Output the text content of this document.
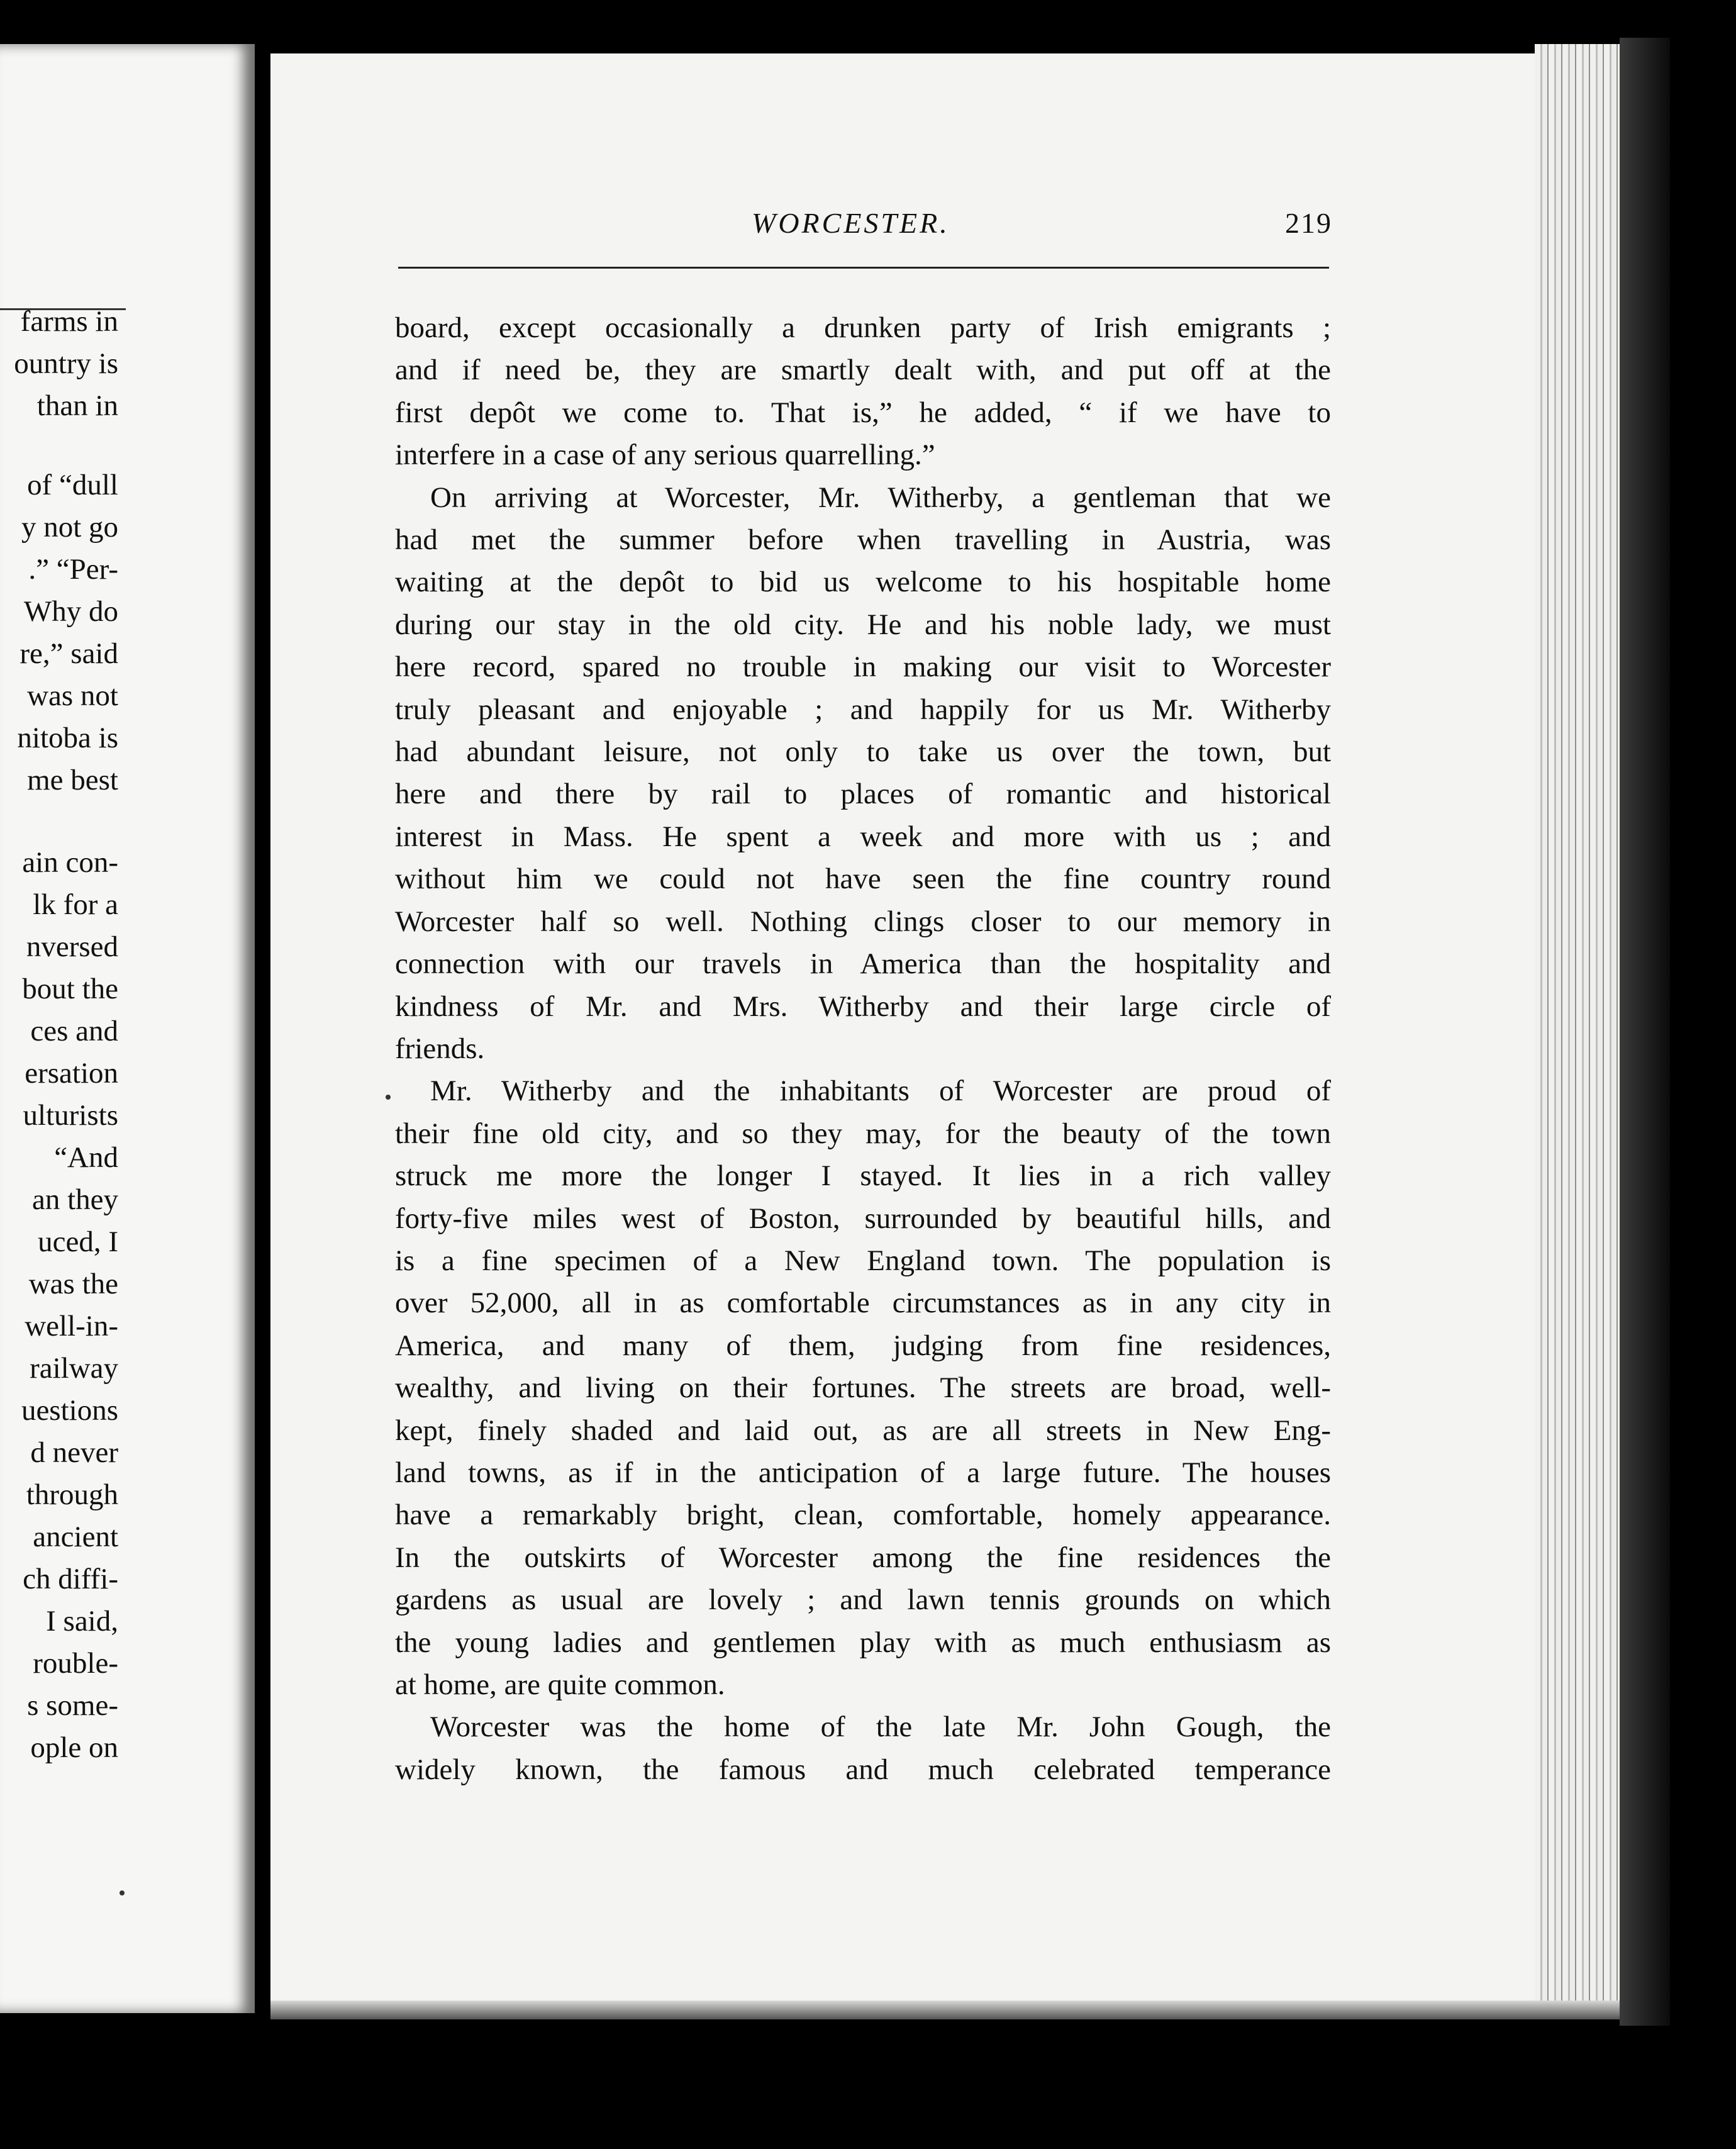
farms in
ountry is
than in
of “dull
y not go
.” “Per-
Why do
re,” said
was not
nitoba is
me best
ain con-
lk for a
nversed
bout the
ces and
ersation
ulturists
“And
an they
uced, I
was the
well-in-
railway
uestions
d never
through
ancient
ch diffi-
I said,
rouble-
s some-
ople on
WORCESTER.	219
board, except occasionally a drunken party of Irish emigrants ;
and if need be, they are smartly dealt with, and put off at the
first depôt we come to. That is,” he added, “ if we have to
interfere in a case of any serious quarrelling.”
On arriving at Worcester, Mr. Witherby, a gentleman that we
had met the summer before when travelling in Austria, was
waiting at the depôt to bid us welcome to his hospitable home
during our stay in the old city. He and his noble lady, we must
here record, spared no trouble in making our visit to Worcester
truly pleasant and enjoyable ; and happily for us Mr. Witherby
had abundant leisure, not only to take us over the town, but
here and there by rail to places of romantic and historical
interest in Mass. He spent a week and more with us ; and
without him we could not have seen the fine country round
Worcester half so well. Nothing clings closer to our memory in
connection with our travels in America than the hospitality and
kindness of Mr. and Mrs. Witherby and their large circle of
friends.
Mr. Witherby and the inhabitants of Worcester are proud of
their fine old city, and so they may, for the beauty of the town
struck me more the longer I stayed. It lies in a rich valley
forty-five miles west of Boston, surrounded by beautiful hills, and
is a fine specimen of a New England town. The population is
over 52,000, all in as comfortable circumstances as in any city in
America, and many of them, judging from fine residences,
wealthy, and living on their fortunes. The streets are broad, well-
kept, finely shaded and laid out, as are all streets in New Eng-
land towns, as if in the anticipation of a large future. The houses
have a remarkably bright, clean, comfortable, homely appearance.
In the outskirts of Worcester among the fine residences the
gardens as usual are lovely ; and lawn tennis grounds on which
the young ladies and gentlemen play with as much enthusiasm as
at home, are quite common.
Worcester was the home of the late Mr. John Gough, the
widely known, the famous and much celebrated temperance
